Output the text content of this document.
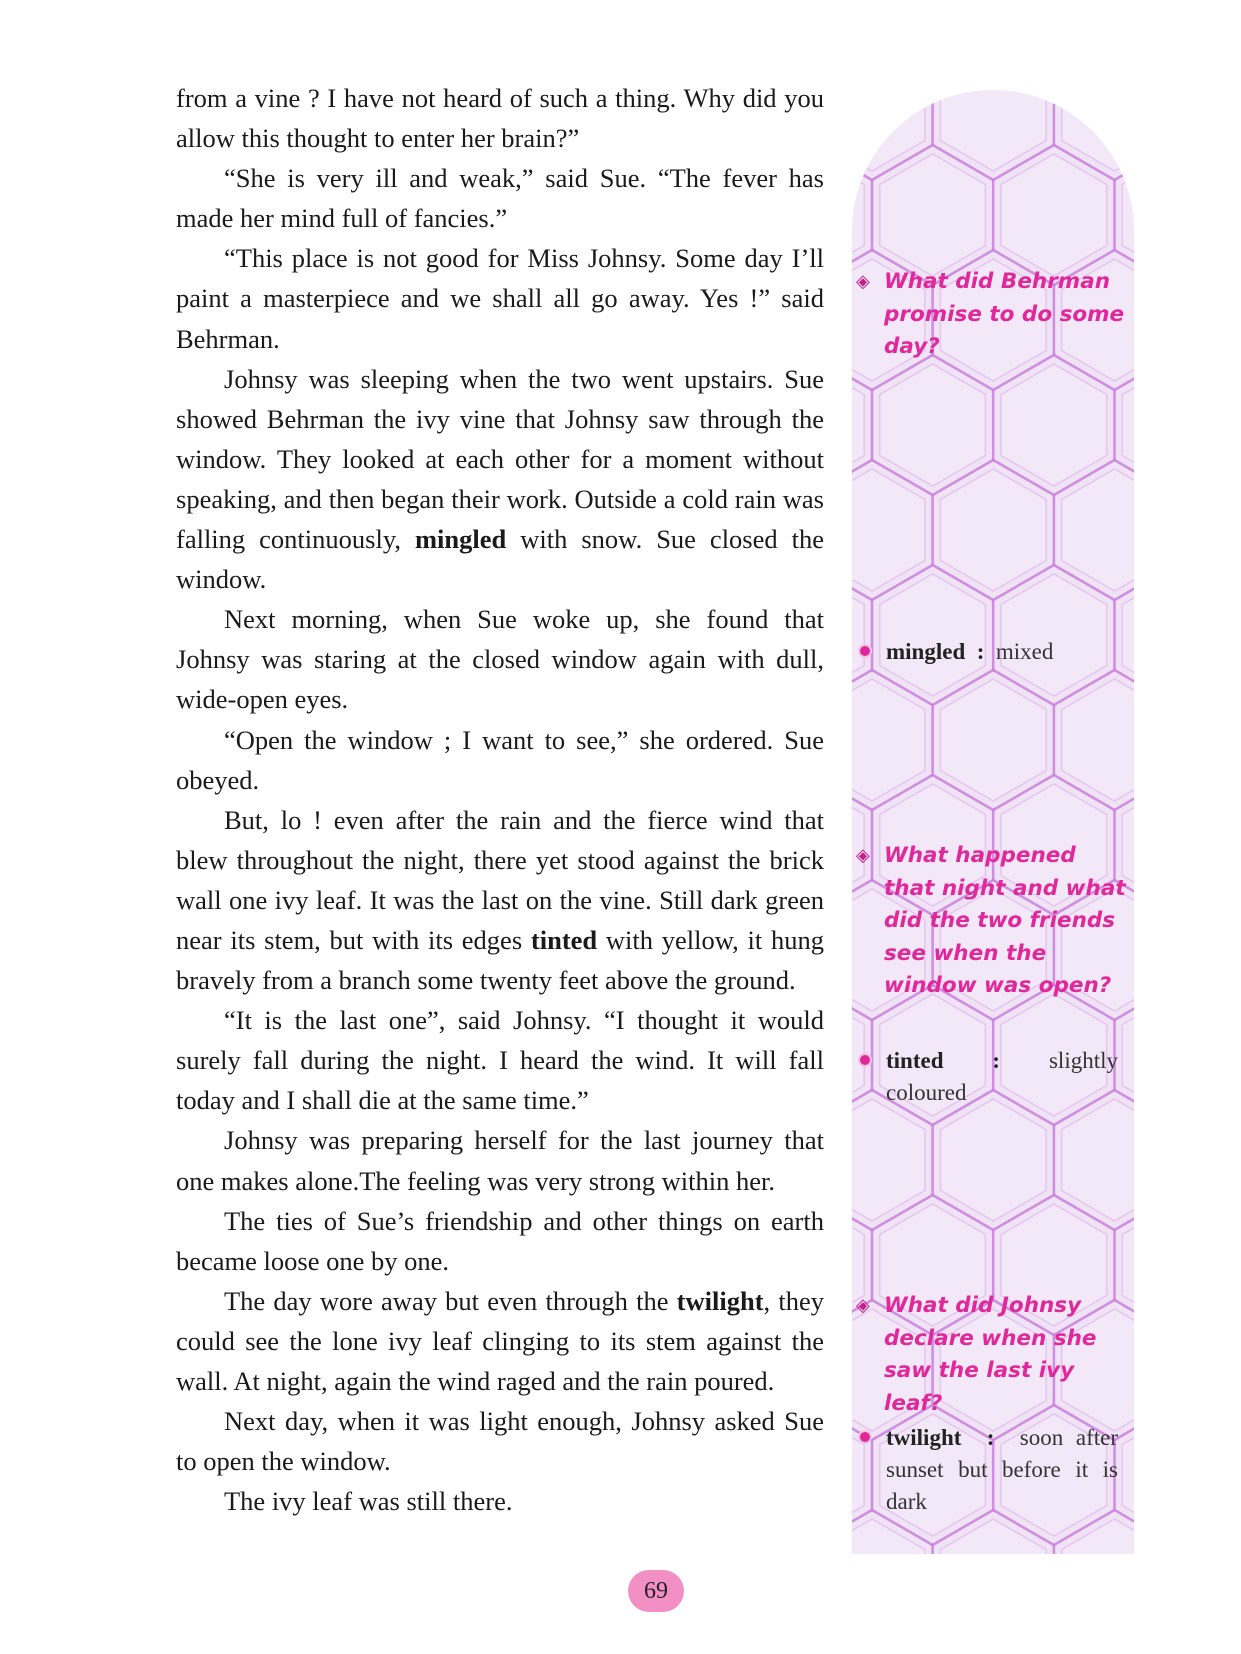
from a vine ? I have not heard of such a thing. Why did you allow this thought to enter her brain?”

“She is very ill and weak,” said Sue. “The fever has made her mind full of fancies.”

“This place is not good for Miss Johnsy. Some day I’ll paint a masterpiece and we shall all go away. Yes !” said Behrman.

Johnsy was sleeping when the two went upstairs. Sue showed Behrman the ivy vine that Johnsy saw through the window. They looked at each other for a moment without speaking, and then began their work. Outside a cold rain was falling continuously, mingled with snow. Sue closed the window.

Next morning, when Sue woke up, she found that Johnsy was staring at the closed window again with dull, wide-open eyes.

“Open the window ; I want to see,” she ordered. Sue obeyed.

But, lo ! even after the rain and the fierce wind that blew throughout the night, there yet stood against the brick wall one ivy leaf. It was the last on the vine. Still dark green near its stem, but with its edges tinted with yellow, it hung bravely from a branch some twenty feet above the ground.

“It is the last one”, said Johnsy. “I thought it would surely fall during the night. I heard the wind. It will fall today and I shall die at the same time.”

Johnsy was preparing herself for the last journey that one makes alone.The feeling was very strong within her.

The ties of Sue’s friendship and other things on earth became loose one by one.

The day wore away but even through the twilight, they could see the lone ivy leaf clinging to its stem against the wall. At night, again the wind raged and the rain poured.

Next day, when it was light enough, Johnsy asked Sue to open the window.

The ivy leaf was still there.

◈ What did Behrman promise to do some day?
mingled : mixed
◈ What happened that night and what did the two friends see when the window was open?
tinted : slightly coloured
◈ What did Johnsy declare when she saw the last ivy leaf?
twilight : soon after sunset but before it is dark
69
